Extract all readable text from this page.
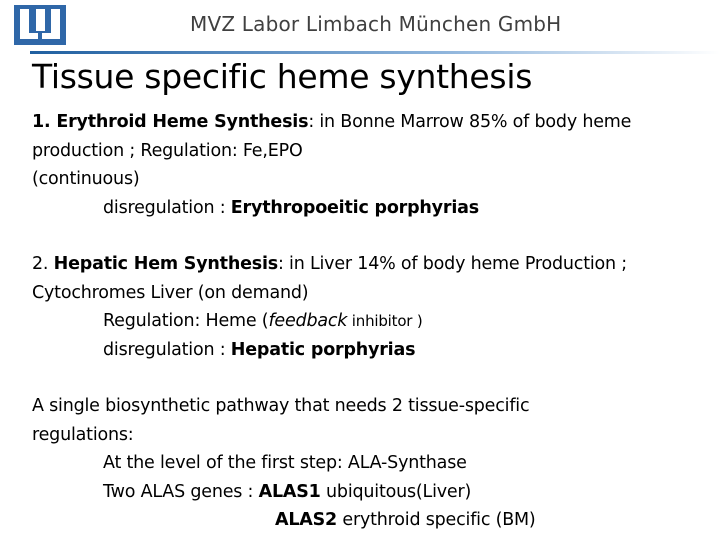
MVZ Labor Limbach München GmbH
Tissue specific heme synthesis
1. Erythroid Heme Synthesis: in Bonne Marrow 85% of body heme
production ; Regulation: Fe,EPO
(continuous)
disregulation : Erythropoeitic porphyrias
2. Hepatic Hem Synthesis: in Liver 14% of body heme Production ;
Cytochromes Liver (on demand)
Regulation: Heme (feedback inhibitor )
disregulation : Hepatic porphyrias
A single biosynthetic pathway that needs 2 tissue-specific
regulations:
At the level of the first step: ALA-Synthase
Two ALAS genes : ALAS1 ubiquitous(Liver)
ALAS2 erythroid specific (BM)
